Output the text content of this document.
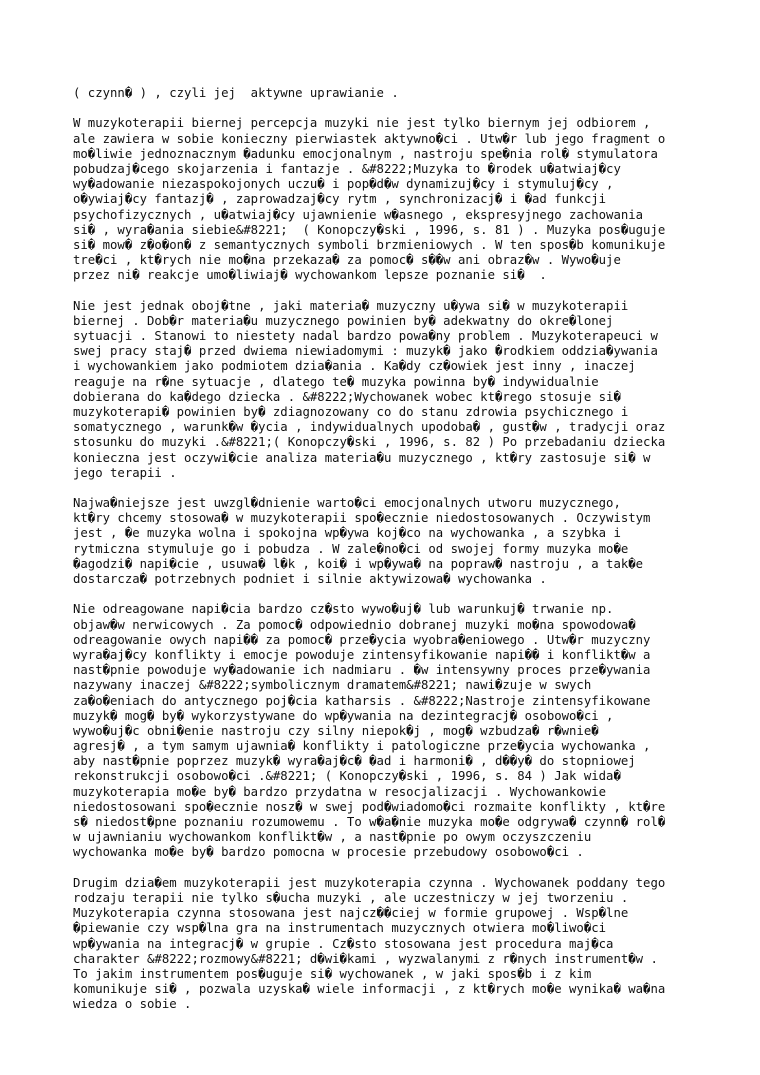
( czynn� ) , czyli jej  aktywne uprawianie .

W muzykoterapii biernej percepcja muzyki nie jest tylko biernym jej odbiorem ,
ale zawiera w sobie konieczny pierwiastek aktywno�ci . Utw�r lub jego fragment o
mo�liwie jednoznacznym �adunku emocjonalnym , nastroju spe�nia rol� stymulatora
pobudzaj�cego skojarzenia i fantazje . &#8222;Muzyka to �rodek u�atwiaj�cy
wy�adowanie niezaspokojonych uczu� i pop�d�w dynamizuj�cy i stymuluj�cy ,
o�ywiaj�cy fantazj� , zaprowadzaj�cy rytm , synchronizacj� i �ad funkcji
psychofizycznych , u�atwiaj�cy ujawnienie w�asnego , ekspresyjnego zachowania
si� , wyra�ania siebie&#8221;  ( Konopczy�ski , 1996, s. 81 ) . Muzyka pos�uguje
si� mow� z�o�on� z semantycznych symboli brzmieniowych . W ten spos�b komunikuje
tre�ci , kt�rych nie mo�na przekaza� za pomoc� s��w ani obraz�w . Wywo�uje
przez ni� reakcje umo�liwiaj� wychowankom lepsze poznanie si�  .

Nie jest jednak oboj�tne , jaki materia� muzyczny u�ywa si� w muzykoterapii
biernej . Dob�r materia�u muzycznego powinien by� adekwatny do okre�lonej
sytuacji . Stanowi to niestety nadal bardzo powa�ny problem . Muzykoterapeuci w
swej pracy staj� przed dwiema niewiadomymi : muzyk� jako �rodkiem oddzia�ywania
i wychowankiem jako podmiotem dzia�ania . Ka�dy cz�owiek jest inny , inaczej
reaguje na r�ne sytuacje , dlatego te� muzyka powinna by� indywidualnie
dobierana do ka�dego dziecka . &#8222;Wychowanek wobec kt�rego stosuje si�
muzykoterapi� powinien by� zdiagnozowany co do stanu zdrowia psychicznego i
somatycznego , warunk�w �ycia , indywidualnych upodoba� , gust�w , tradycji oraz
stosunku do muzyki .&#8221;( Konopczy�ski , 1996, s. 82 ) Po przebadaniu dziecka
konieczna jest oczywi�cie analiza materia�u muzycznego , kt�ry zastosuje si� w
jego terapii .

Najwa�niejsze jest uwzgl�dnienie warto�ci emocjonalnych utworu muzycznego,
kt�ry chcemy stosowa� w muzykoterapii spo�ecznie niedostosowanych . Oczywistym
jest , �e muzyka wolna i spokojna wp�ywa koj�co na wychowanka , a szybka i
rytmiczna stymuluje go i pobudza . W zale�no�ci od swojej formy muzyka mo�e
�agodzi� napi�cie , usuwa� l�k , koi� i wp�ywa� na popraw� nastroju , a tak�e
dostarcza� potrzebnych podniet i silnie aktywizowa� wychowanka .

Nie odreagowane napi�cia bardzo cz�sto wywo�uj� lub warunkuj� trwanie np.
objaw�w nerwicowych . Za pomoc� odpowiednio dobranej muzyki mo�na spowodowa�
odreagowanie owych napi�� za pomoc� prze�ycia wyobra�eniowego . Utw�r muzyczny
wyra�aj�cy konflikty i emocje powoduje zintensyfikowanie napi�� i konflikt�w a
nast�pnie powoduje wy�adowanie ich nadmiaru . �w intensywny proces prze�ywania
nazywany inaczej &#8222;symbolicznym dramatem&#8221; nawi�zuje w swych
za�o�eniach do antycznego poj�cia katharsis . &#8222;Nastroje zintensyfikowane
muzyk� mog� by� wykorzystywane do wp�ywania na dezintegracj� osobowo�ci ,
wywo�uj�c obni�enie nastroju czy silny niepok�j , mog� wzbudza� r�wnie�
agresj� , a tym samym ujawnia� konflikty i patologiczne prze�ycia wychowanka ,
aby nast�pnie poprzez muzyk� wyra�aj�c� �ad i harmoni� , d��y� do stopniowej
rekonstrukcji osobowo�ci .&#8221; ( Konopczy�ski , 1996, s. 84 ) Jak wida�
muzykoterapia mo�e by� bardzo przydatna w resocjalizacji . Wychowankowie
niedostosowani spo�ecznie nosz� w swej pod�wiadomo�ci rozmaite konflikty , kt�re
s� niedost�pne poznaniu rozumowemu . To w�a�nie muzyka mo�e odgrywa� czynn� rol�
w ujawnianiu wychowankom konflikt�w , a nast�pnie po owym oczyszczeniu
wychowanka mo�e by� bardzo pomocna w procesie przebudowy osobowo�ci .

Drugim dzia�em muzykoterapii jest muzykoterapia czynna . Wychowanek poddany tego
rodzaju terapii nie tylko s�ucha muzyki , ale uczestniczy w jej tworzeniu .
Muzykoterapia czynna stosowana jest najcz��ciej w formie grupowej . Wsp�lne
�piewanie czy wsp�lna gra na instrumentach muzycznych otwiera mo�liwo�ci
wp�ywania na integracj� w grupie . Cz�sto stosowana jest procedura maj�ca
charakter &#8222;rozmowy&#8221; d�wi�kami , wyzwalanymi z r�nych instrument�w .
To jakim instrumentem pos�uguje si� wychowanek , w jaki spos�b i z kim
komunikuje si� , pozwala uzyska� wiele informacji , z kt�rych mo�e wynika� wa�na
wiedza o sobie .
